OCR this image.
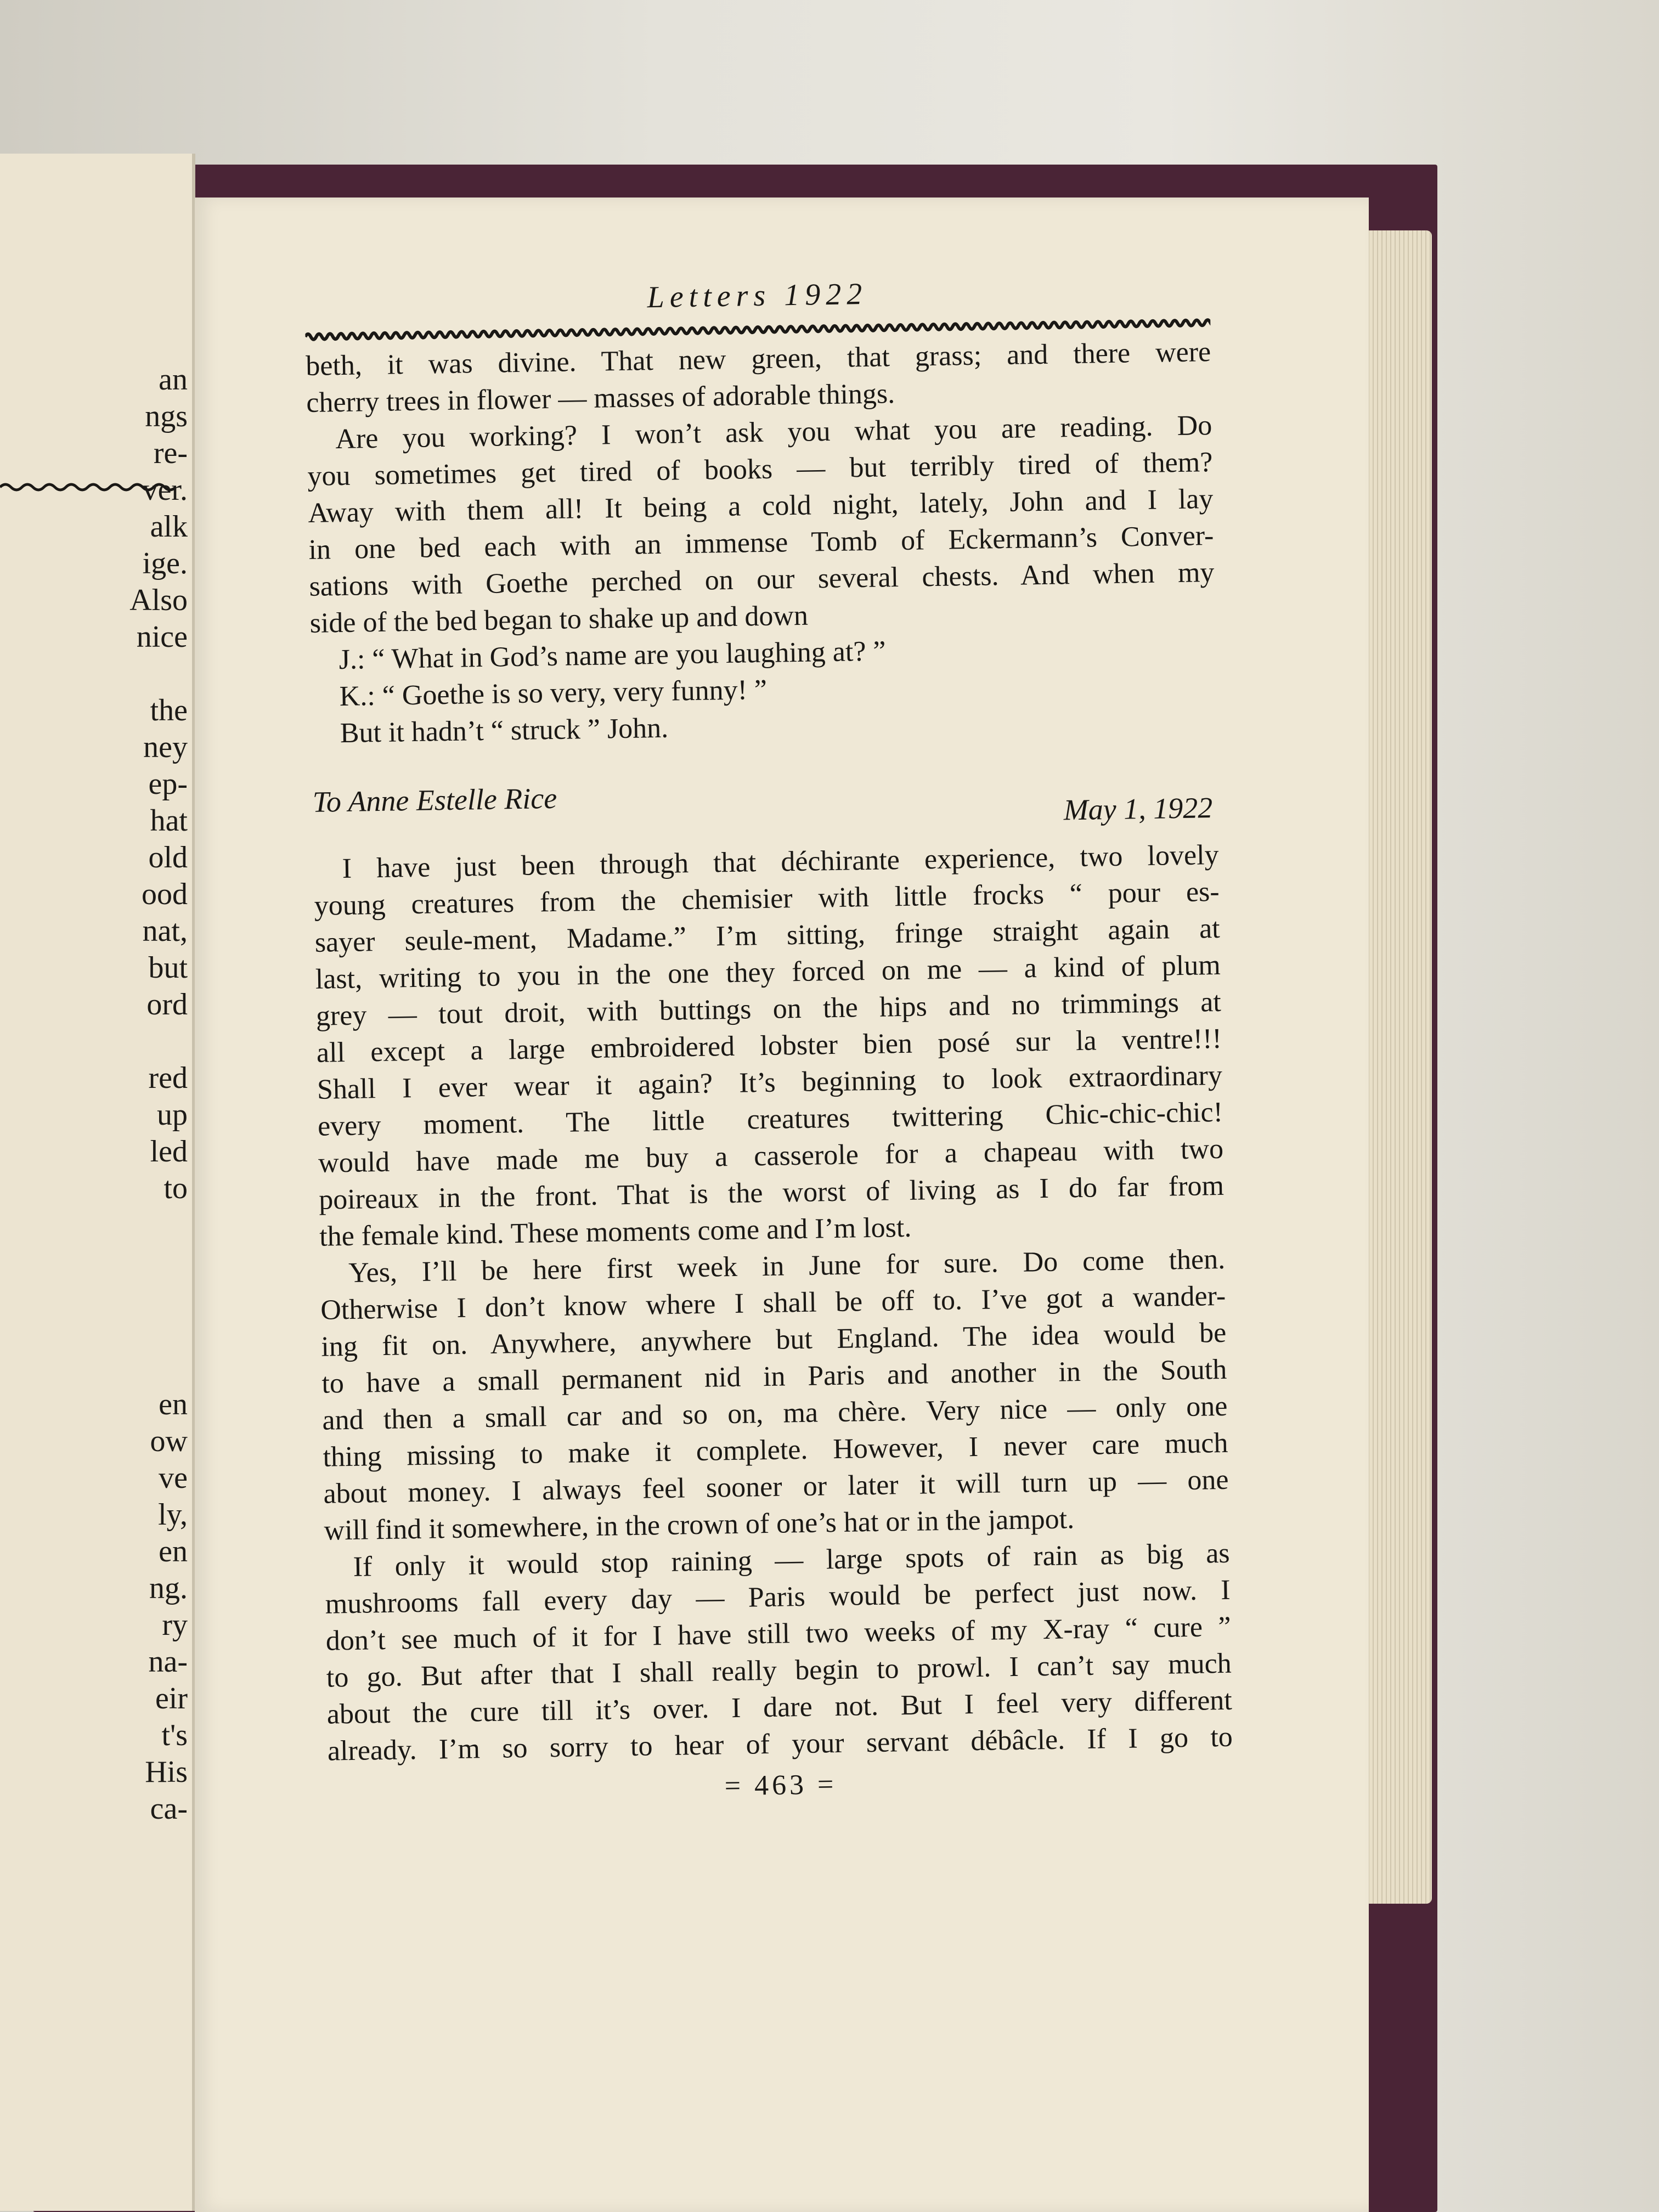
an

ngs

re-

ver.

alk

ige.

Also

nice

the

ney

ep-

hat

old

ood

nat,

but

ord

red

up

led

to

en

ow

ve

ly,

en

ng.

ry

na-

eir

t's

His

ca-

Letters 1922
beth, it was divine. That new green, that grass; and there were
cherry trees in flower — masses of adorable things.
Are you working? I won’t ask you what you are reading. Do
you sometimes get tired of books — but terribly tired of them?
Away with them all! It being a cold night, lately, John and I lay
in one bed each with an immense Tomb of Eckermann’s Conver-
sations with Goethe perched on our several chests. And when my
side of the bed began to shake up and down
J.: “ What in God’s name are you laughing at? ”
K.: “ Goethe is so very, very funny! ”
But it hadn’t “ struck ” John.
To Anne Estelle Rice	May 1, 1922
I have just been through that déchirante experience, two lovely
young creatures from the chemisier with little frocks “ pour es-
sayer seule-ment, Madame.” I’m sitting, fringe straight again at
last, writing to you in the one they forced on me — a kind of plum
grey — tout droit, with buttings on the hips and no trimmings at
all except a large embroidered lobster bien posé sur la ventre!!!
Shall I ever wear it again? It’s beginning to look extraordinary
every moment. The little creatures twittering Chic-chic-chic!
would have made me buy a casserole for a chapeau with two
poireaux in the front. That is the worst of living as I do far from
the female kind. These moments come and I’m lost.
Yes, I’ll be here first week in June for sure. Do come then.
Otherwise I don’t know where I shall be off to. I’ve got a wander-
ing fit on. Anywhere, anywhere but England. The idea would be
to have a small permanent nid in Paris and another in the South
and then a small car and so on, ma chère. Very nice — only one
thing missing to make it complete. However, I never care much
about money. I always feel sooner or later it will turn up — one
will find it somewhere, in the crown of one’s hat or in the jampot.
If only it would stop raining — large spots of rain as big as
mushrooms fall every day — Paris would be perfect just now. I
don’t see much of it for I have still two weeks of my X-ray “ cure ”
to go. But after that I shall really begin to prowl. I can’t say much
about the cure till it’s over. I dare not. But I feel very different
already. I’m so sorry to hear of your servant débâcle. If I go to
= 463 =
